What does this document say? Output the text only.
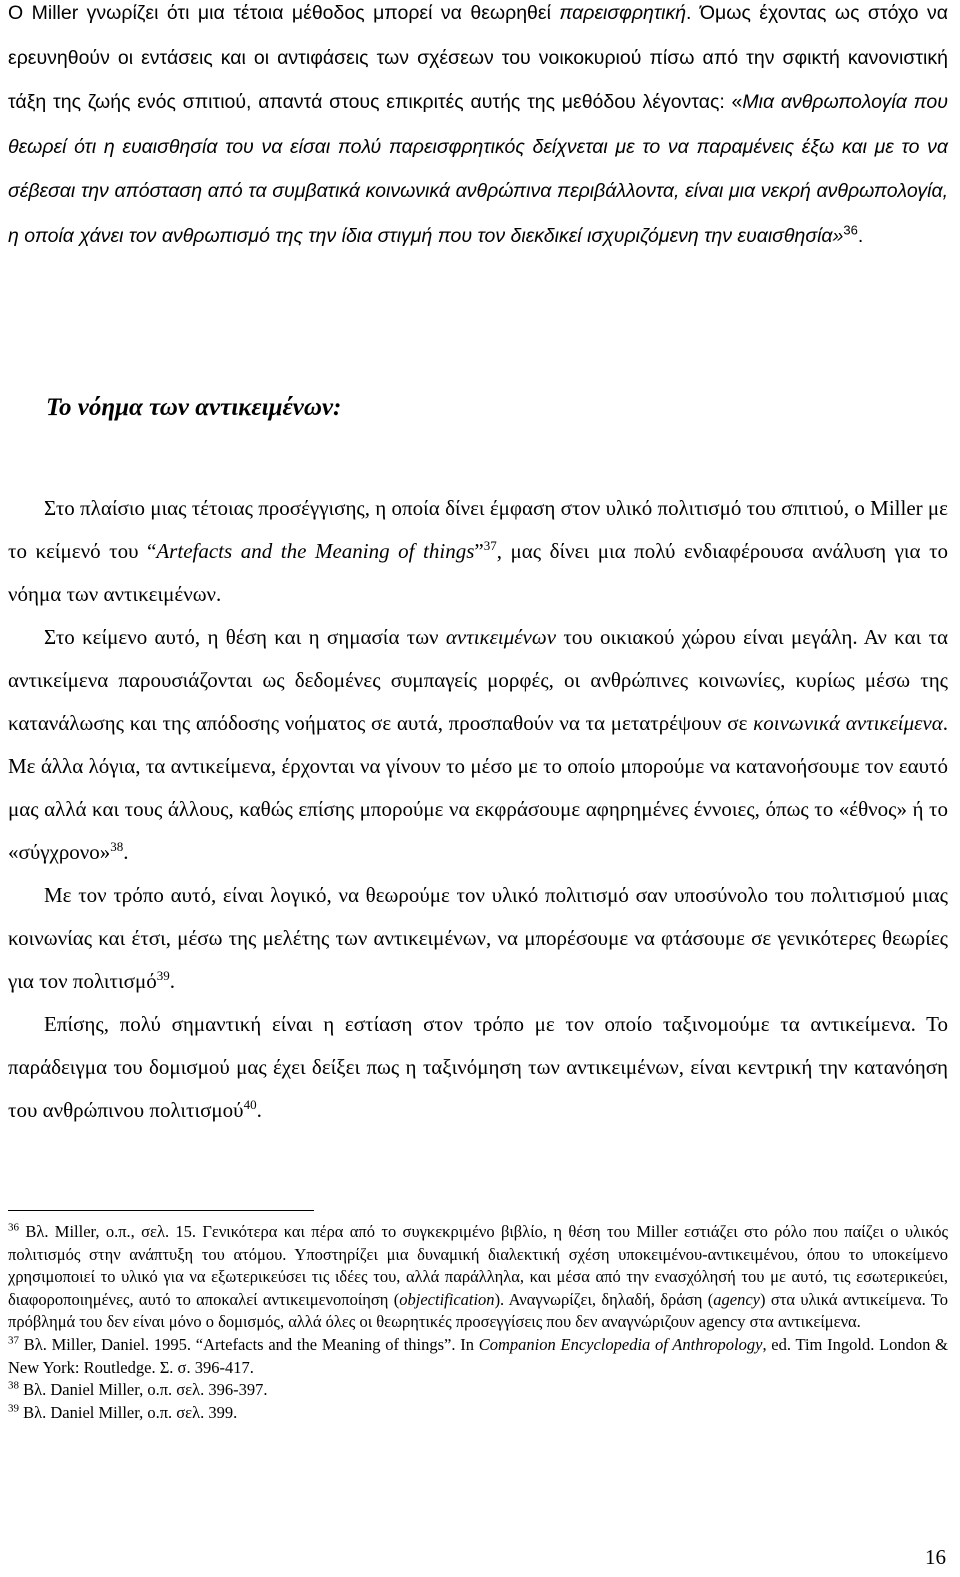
O Miller γνωρίζει ότι μια τέτοια μέθοδος μπορεί να θεωρηθεί παρεισφρητική. Όμως έχοντας ως στόχο να ερευνηθούν οι εντάσεις και οι αντιφάσεις των σχέσεων του νοικοκυριού πίσω από την σφικτή κανονιστική τάξη της ζωής ενός σπιτιού, απαντά στους επικριτές αυτής της μεθόδου λέγοντας: «Μια ανθρωπολογία που θεωρεί ότι η ευαισθησία του να είσαι πολύ παρεισφρητικός δείχνεται με το να παραμένεις έξω και με το να σέβεσαι την απόσταση από τα συμβατικά κοινωνικά ανθρώπινα περιβάλλοντα, είναι μια νεκρή ανθρωπολογία, η οποία χάνει τον ανθρωπισμό της την ίδια στιγμή που τον διεκδικεί ισχυριζόμενη την ευαισθησία»$^{36}$.

Το νόημα των αντικειμένων:

Στο πλαίσιο μιας τέτοιας προσέγγισης, η οποία δίνει έμφαση στον υλικό πολιτισμό του σπιτιού, ο Miller με το κείμενό του “Artefacts and the Meaning of things”$^{37}$, μας δίνει μια πολύ ενδιαφέρουσα ανάλυση για το νόημα των αντικειμένων.

Στο κείμενο αυτό, η θέση και η σημασία των αντικειμένων του οικιακού χώρου είναι μεγάλη. Αν και τα αντικείμενα παρουσιάζονται ως δεδομένες συμπαγείς μορφές, οι ανθρώπινες κοινωνίες, κυρίως μέσω της κατανάλωσης και της απόδοσης νοήματος σε αυτά, προσπαθούν να τα μετατρέψουν σε κοινωνικά αντικείμενα. Με άλλα λόγια, τα αντικείμενα, έρχονται να γίνουν το μέσο με το οποίο μπορούμε να κατανοήσουμε τον εαυτό μας αλλά και τους άλλους, καθώς επίσης μπορούμε να εκφράσουμε αφηρημένες έννοιες, όπως το «έθνος» ή το «σύγχρονο»$^{38}$.

Με τον τρόπο αυτό, είναι λογικό, να θεωρούμε τον υλικό πολιτισμό σαν υποσύνολο του πολιτισμού μιας κοινωνίας και έτσι, μέσω της μελέτης των αντικειμένων, να μπορέσουμε να φτάσουμε σε γενικότερες θεωρίες για τον πολιτισμό$^{39}$.

Επίσης, πολύ σημαντική είναι η εστίαση στον τρόπο με τον οποίο ταξινομούμε τα αντικείμενα. Το παράδειγμα του δομισμού μας έχει δείξει πως η ταξινόμηση των αντικειμένων, είναι κεντρική την κατανόηση του ανθρώπινου πολιτισμού$^{40}$.

$^{36}$ Βλ. Miller, ο.π., σελ. 15. Γενικότερα και πέρα από το συγκεκριμένο βιβλίο, η θέση του Miller εστιάζει στο ρόλο που παίζει ο υλικός πολιτισμός στην ανάπτυξη του ατόμου. Υποστηρίζει μια δυναμική διαλεκτική σχέση υποκειμένου-αντικειμένου, όπου το υποκείμενο χρησιμοποιεί το υλικό για να εξωτερικεύσει τις ιδέες του, αλλά παράλληλα, και μέσα από την ενασχόλησή του με αυτό, τις εσωτερικεύει, διαφοροποιημένες, αυτό το αποκαλεί αντικειμενοποίηση (objectification). Αναγνωρίζει, δηλαδή, δράση (agency) στα υλικά αντικείμενα. Το πρόβλημά του δεν είναι μόνο ο δομισμός, αλλά όλες οι θεωρητικές προσεγγίσεις που δεν αναγνώριζουν agency στα αντικείμενα.

$^{37}$ Βλ. Miller, Daniel. 1995. “Artefacts and the Meaning of things”. In Companion Encyclopedia of Anthropology, ed. Tim Ingold. London & New York: Routledge. Σ. σ. 396-417.

$^{38}$ Βλ. Daniel Miller, ο.π. σελ. 396-397.

$^{39}$ Βλ. Daniel Miller, ο.π. σελ. 399.

16
